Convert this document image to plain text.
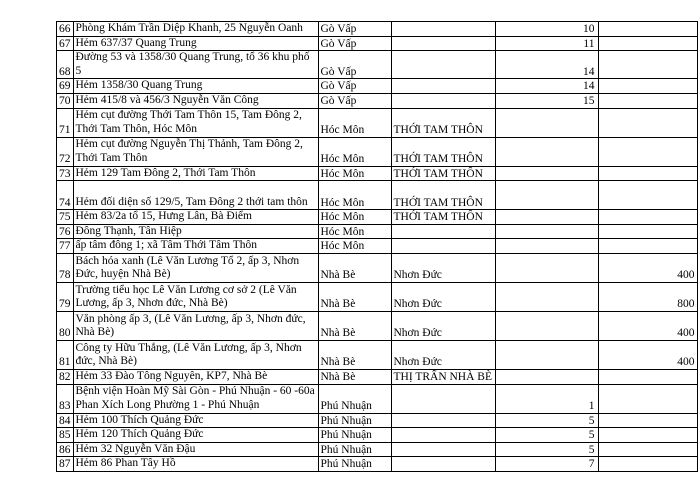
66	Phòng Khám Trần Diệp Khanh, 25 Nguyễn Oanh	Gò Vấp		10	
67	Hẻm 637/37 Quang Trung	Gò Vấp		11	
68	Đường 53 và 1358/30 Quang Trung, tổ 36 khu phố 5	Gò Vấp		14	
69	Hẻm 1358/30 Quang Trung	Gò Vấp		14	
70	Hẻm 415/8 và 456/3 Nguyễn Văn Công	Gò Vấp		15	
71	Hẻm cụt đường Thới Tam Thôn 15, Tam Đông 2,
Thới Tam Thôn, Hóc Môn	Hóc Môn	THỚI TAM THÔN		
72	Hẻm cụt đường Nguyễn Thị Thảnh, Tam Đông 2,
Thới Tam Thôn	Hóc Môn	THỚI TAM THÔN		
73	Hẻm 129 Tam Đông 2, Thới Tam Thôn	Hóc Môn	THỚI TAM THÔN		
74	Hẻm đối diện số 129/5, Tam Đông 2 thới tam thôn	Hóc Môn	THỚI TAM THÔN		
75	Hẻm 83/2a tổ 15, Hưng Lân, Bà Điểm	Hóc Môn	THỚI TAM THÔN		
76	Đông Thạnh, Tân Hiệp	Hóc Môn			
77	ấp tâm đông 1; xã Tâm Thới Tâm Thôn	Hóc Môn			
78	Bách hóa xanh (Lê Văn Lương Tổ 2, ấp 3, Nhơn
Đức, huyện Nhà Bè)	Nhà Bè	Nhơn Đức		400
79	Trường tiểu học Lê Văn Lương cơ sở 2 (Lê Văn
Lương, ấp 3, Nhơn đức, Nhà Bè)	Nhà Bè	Nhơn Đức		800
80	Văn phòng ấp 3, (Lê Văn Lương, ấp 3, Nhơn đức,
Nhà Bè)	Nhà Bè	Nhơn Đức		400
81	Công ty Hữu Thắng, (Lê Văn Lương, ấp 3, Nhơn
đức, Nhà Bè)	Nhà Bè	Nhơn Đức		400
82	Hẻm 33 Đào Tông Nguyên, KP7, Nhà Bè	Nhà Bè	THỊ TRẤN NHÀ BÈ		
83	Bệnh viện Hoàn Mỹ Sài Gòn - Phú Nhuận - 60 -60a
Phan Xích Long Phường 1 - Phú Nhuận	Phú Nhuận		1	
84	Hẻm 100 Thích Quảng Đức	Phú Nhuận		5	
85	Hẻm 120 Thích Quảng Đức	Phú Nhuận		5	
86	Hẻm 32 Nguyễn Văn Đậu	Phú Nhuận		5	
87	Hẻm 86 Phan Tây Hồ	Phú Nhuận		7	
